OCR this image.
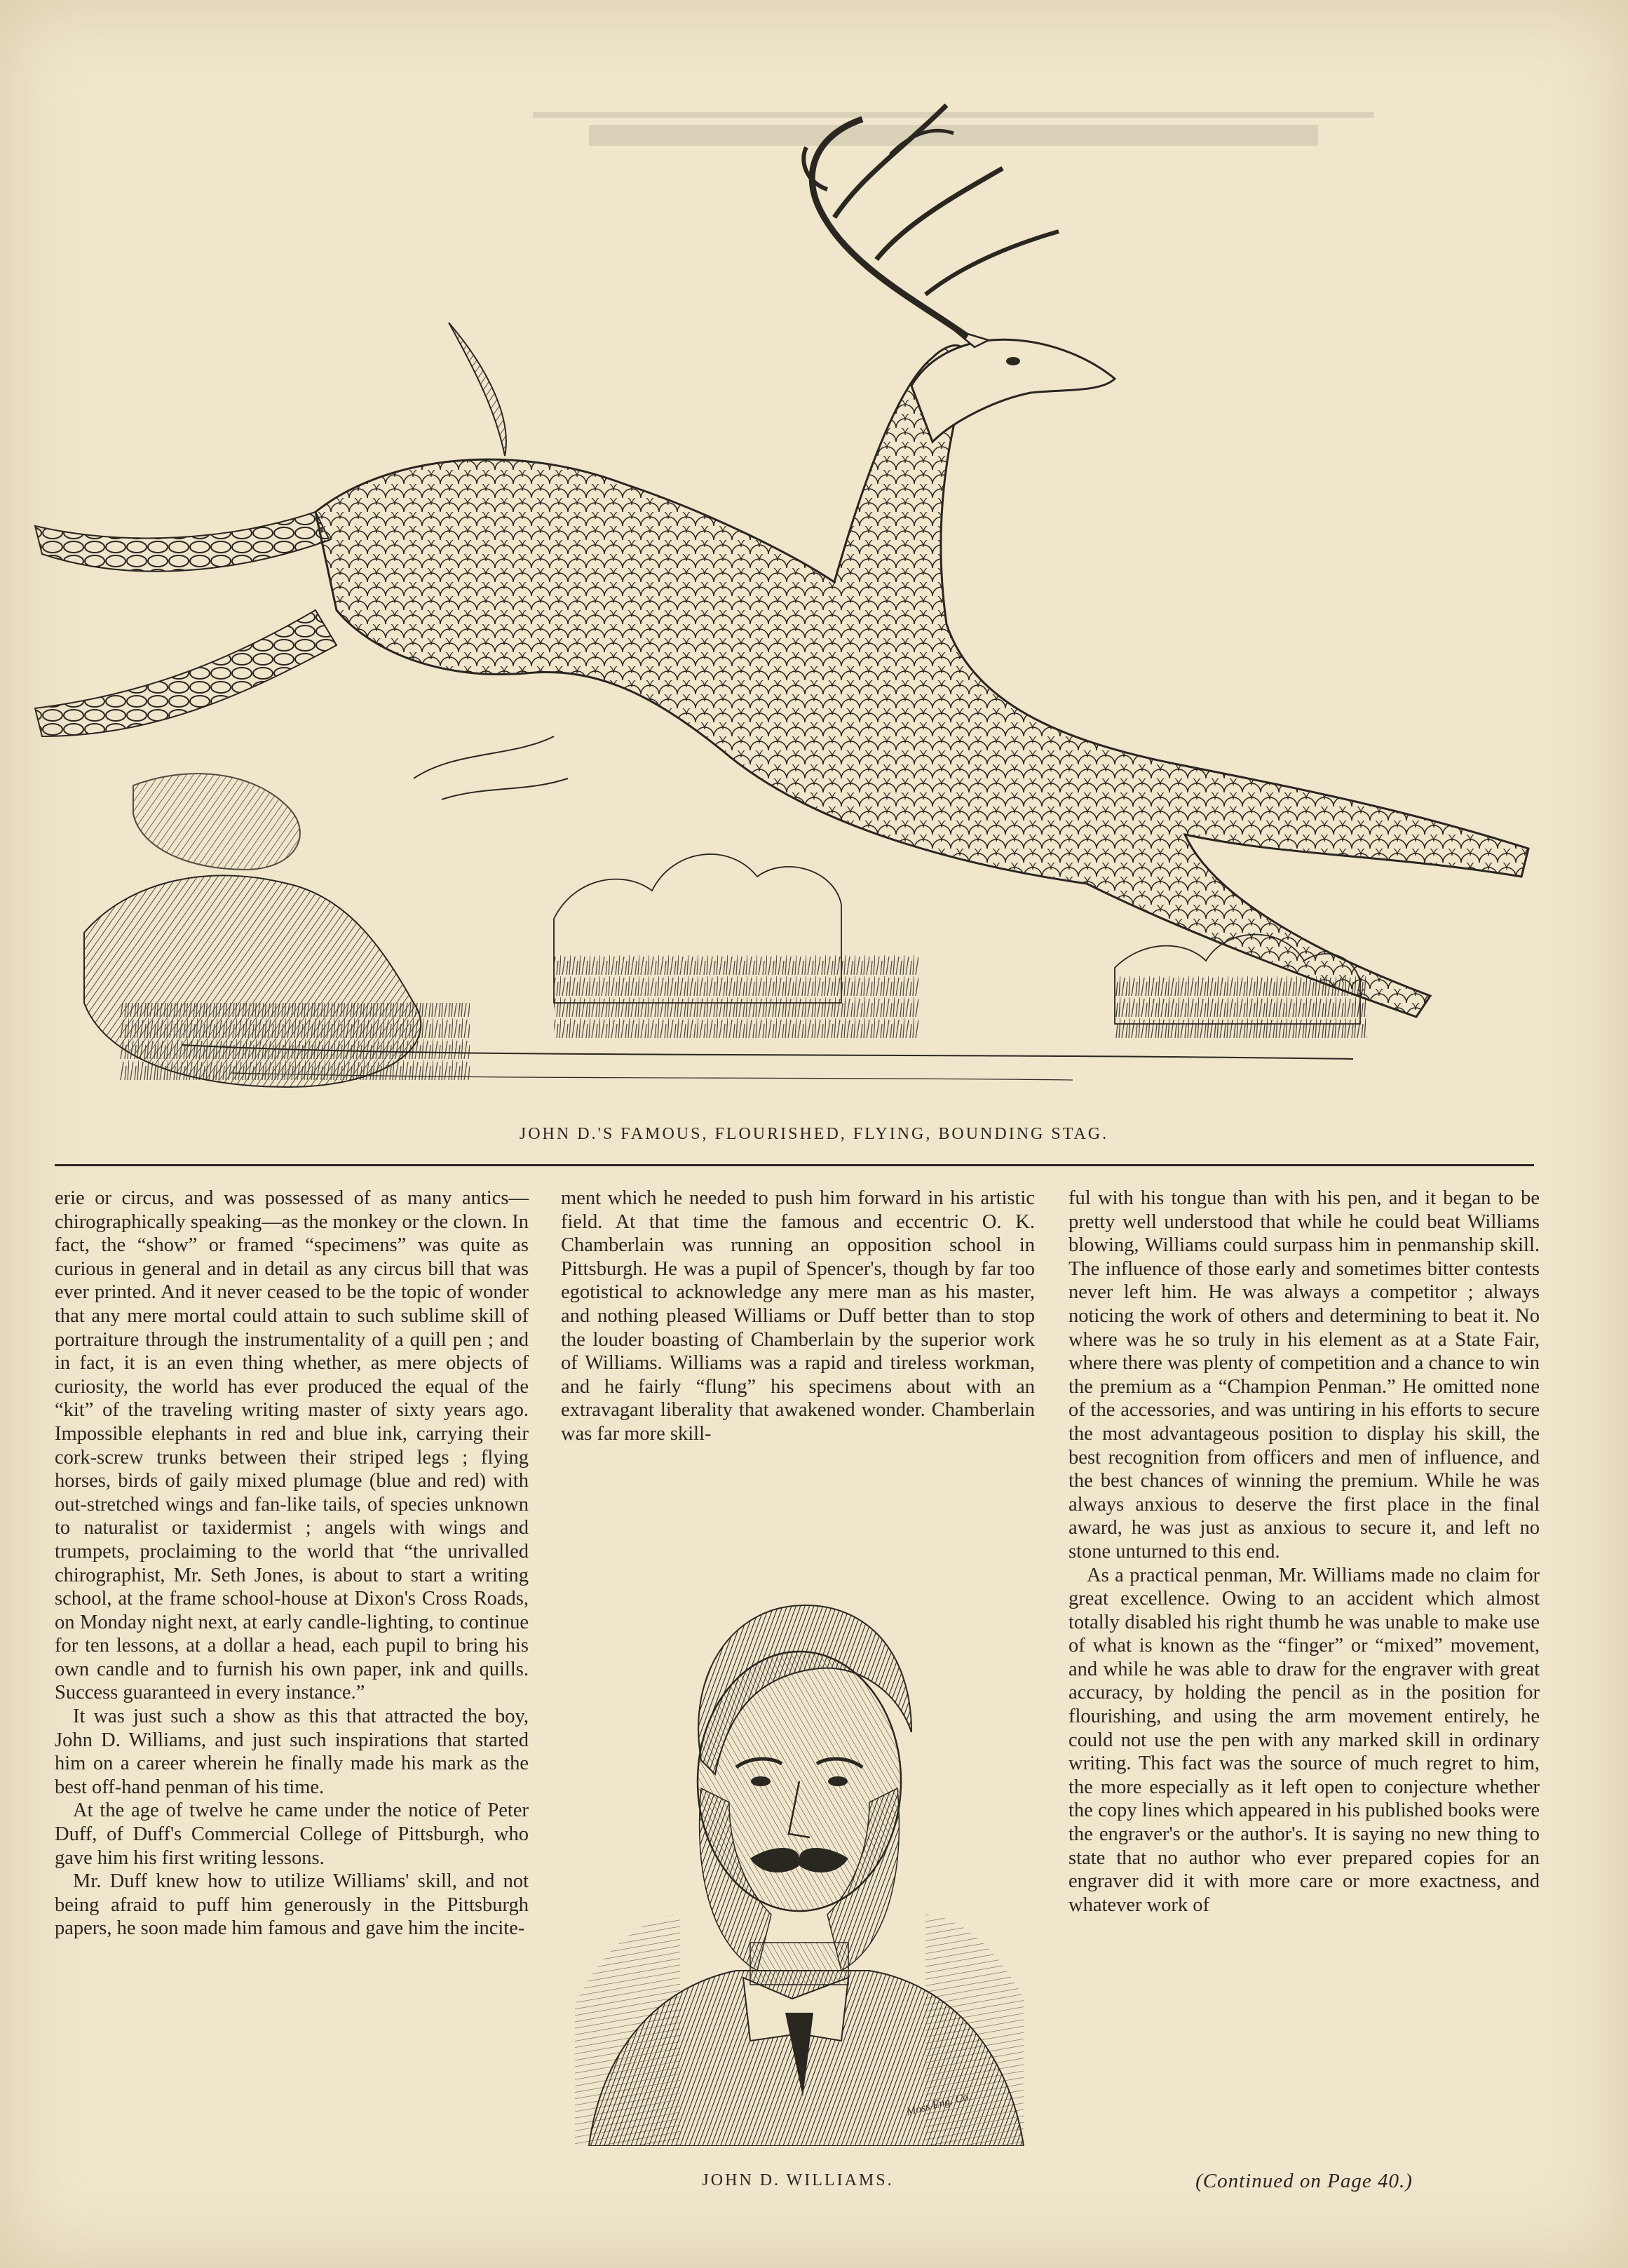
JOHN D.'S FAMOUS, FLOURISHED, FLYING, BOUNDING STAG.

erie or circus, and was possessed of as many antics—chirographically speaking—as the monkey or the clown. In fact, the “show” or framed “specimens” was quite as curious in general and in detail as any circus bill that was ever printed. And it never ceased to be the topic of wonder that any mere mortal could attain to such sublime skill of portraiture through the instrumentality of a quill pen ; and in fact, it is an even thing whether, as mere objects of curiosity, the world has ever produced the equal of the “kit” of the traveling writing master of sixty years ago. Impossible elephants in red and blue ink, carrying their cork-screw trunks between their striped legs ; flying horses, birds of gaily mixed plumage (blue and red) with out-stretched wings and fan-like tails, of species unknown to naturalist or taxidermist ; angels with wings and trumpets, proclaiming to the world that “the unrivalled chirographist, Mr. Seth Jones, is about to start a writing school, at the frame school-house at Dixon's Cross Roads, on Monday night next, at early candle-lighting, to continue for ten lessons, at a dollar a head, each pupil to bring his own candle and to furnish his own paper, ink and quills. Success guaranteed in every instance.”

It was just such a show as this that attracted the boy, John D. Williams, and just such inspirations that started him on a career wherein he finally made his mark as the best off-hand penman of his time.

At the age of twelve he came under the notice of Peter Duff, of Duff's Commercial College of Pittsburgh, who gave him his first writing lessons.

Mr. Duff knew how to utilize Williams' skill, and not being afraid to puff him generously in the Pittsburgh papers, he soon made him famous and gave him the incite-

ment which he needed to push him forward in his artistic field. At that time the famous and eccentric O. K. Chamberlain was running an opposition school in Pittsburgh. He was a pupil of Spencer's, though by far too egotistical to acknowledge any mere man as his master, and nothing pleased Williams or Duff better than to stop the louder boasting of Chamberlain by the superior work of Williams. Williams was a rapid and tireless workman, and he fairly “flung” his specimens about with an extravagant liberality that awakened wonder. Chamberlain was far more skill-

Moss Eng. Co.
JOHN D. WILLIAMS.

ful with his tongue than with his pen, and it began to be pretty well understood that while he could beat Williams blowing, Williams could surpass him in penmanship skill. The influence of those early and sometimes bitter contests never left him. He was always a competitor ; always noticing the work of others and determining to beat it. No where was he so truly in his element as at a State Fair, where there was plenty of competition and a chance to win the premium as a “Champion Penman.” He omitted none of the accessories, and was untiring in his efforts to secure the most advantageous position to display his skill, the best recognition from officers and men of influence, and the best chances of winning the premium. While he was always anxious to deserve the first place in the final award, he was just as anxious to secure it, and left no stone unturned to this end.

As a practical penman, Mr. Williams made no claim for great excellence. Owing to an accident which almost totally disabled his right thumb he was unable to make use of what is known as the “finger” or “mixed” movement, and while he was able to draw for the engraver with great accuracy, by holding the pencil as in the position for flourishing, and using the arm movement entirely, he could not use the pen with any marked skill in ordinary writing. This fact was the source of much regret to him, the more especially as it left open to conjecture whether the copy lines which appeared in his published books were the engraver's or the author's. It is saying no new thing to state that no author who ever prepared copies for an engraver did it with more care or more exactness, and whatever work of

(Continued on Page 40.)
